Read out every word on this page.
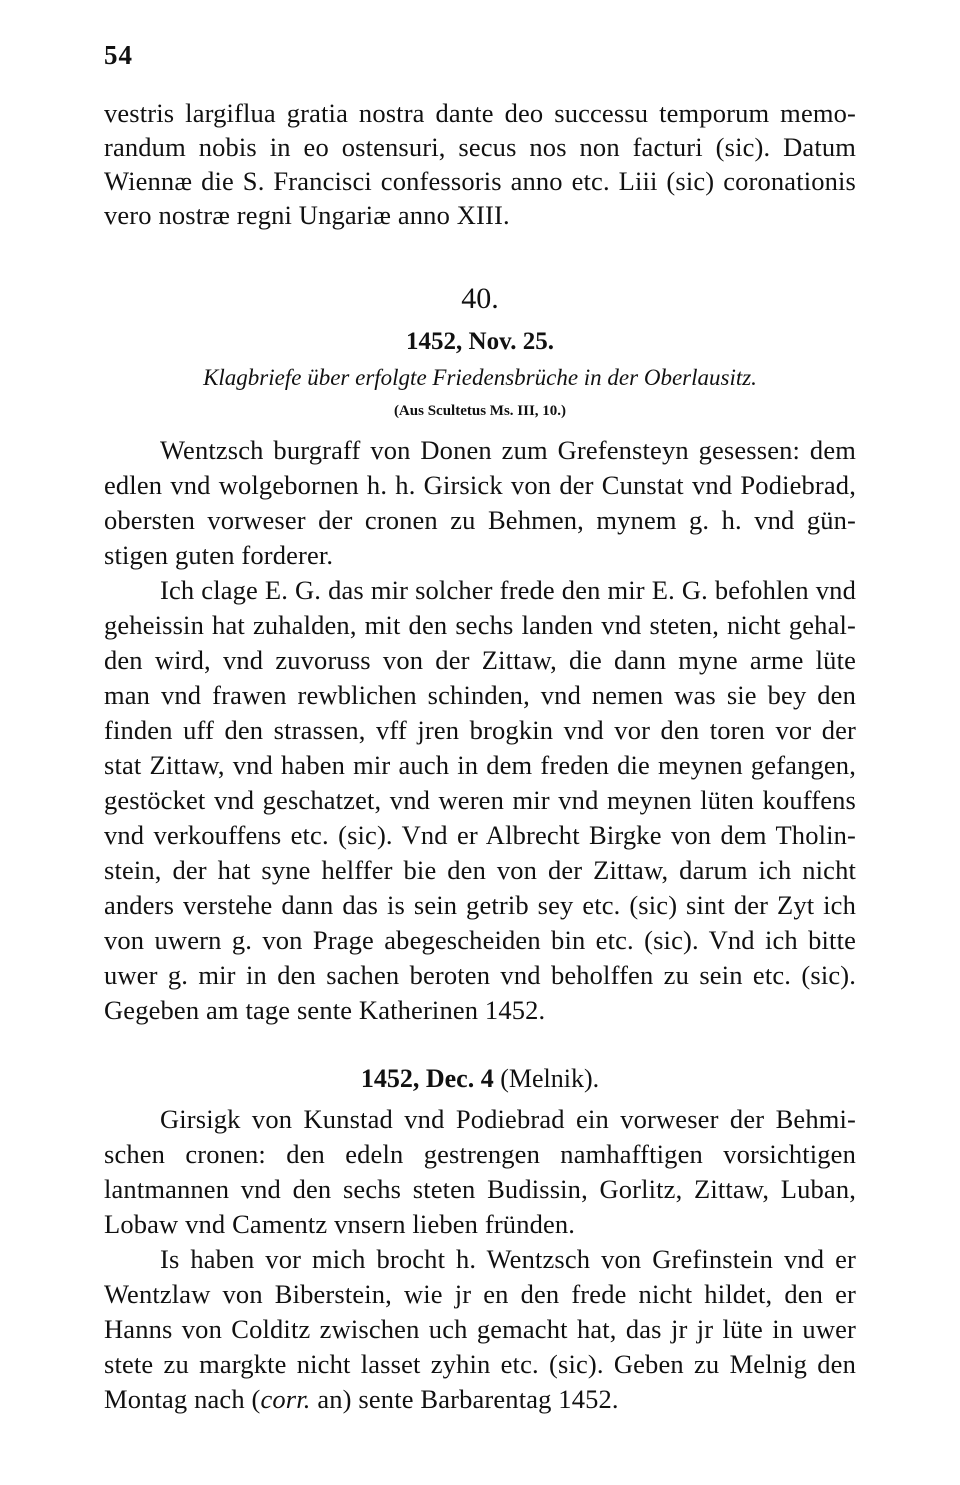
54
vestris largiflua gratia nostra dante deo successu temporum memo-
randum nobis in eo ostensuri, secus nos non facturi (sic). Datum
Wiennæ die S. Francisci confessoris anno etc. Liii (sic) coronationis
vero nostræ regni Ungariæ anno XIII.
40.
1452, Nov. 25.
Klagbriefe über erfolgte Friedensbrüche in der Oberlausitz.
(Aus Scultetus Ms. III, 10.)
Wentzsch burgraff von Donen zum Grefensteyn gesessen: dem
edlen vnd wolgebornen h. h. Girsick von der Cunstat vnd Podiebrad,
obersten vorweser der cronen zu Behmen, mynem g. h. vnd gün-
stigen guten forderer.
Ich clage E. G. das mir solcher frede den mir E. G. befohlen vnd
geheissin hat zuhalden, mit den sechs landen vnd steten, nicht gehal-
den wird, vnd zuvoruss von der Zittaw, die dann myne arme lüte
man vnd frawen rewblichen schinden, vnd nemen was sie bey den
finden uff den strassen, vff jren brogkin vnd vor den toren vor der
stat Zittaw, vnd haben mir auch in dem freden die meynen gefangen,
gestöcket vnd geschatzet, vnd weren mir vnd meynen lüten kouffens
vnd verkouffens etc. (sic). Vnd er Albrecht Birgke von dem Tholin-
stein, der hat syne helffer bie den von der Zittaw, darum ich nicht
anders verstehe dann das is sein getrib sey etc. (sic) sint der Zyt ich
von uwern g. von Prage abegescheiden bin etc. (sic). Vnd ich bitte
uwer g. mir in den sachen beroten vnd beholffen zu sein etc. (sic).
Gegeben am tage sente Katherinen 1452.
1452, Dec. 4 (Melnik).
Girsigk von Kunstad vnd Podiebrad ein vorweser der Behmi-
schen cronen: den edeln gestrengen namhafftigen vorsichtigen
lantmannen vnd den sechs steten Budissin, Gorlitz, Zittaw, Luban,
Lobaw vnd Camentz vnsern lieben fründen.
Is haben vor mich brocht h. Wentzsch von Grefinstein vnd er
Wentzlaw von Biberstein, wie jr en den frede nicht hildet, den er
Hanns von Colditz zwischen uch gemacht hat, das jr jr lüte in uwer
stete zu margkte nicht lasset zyhin etc. (sic). Geben zu Melnig den
Montag nach (corr. an) sente Barbarentag 1452.
